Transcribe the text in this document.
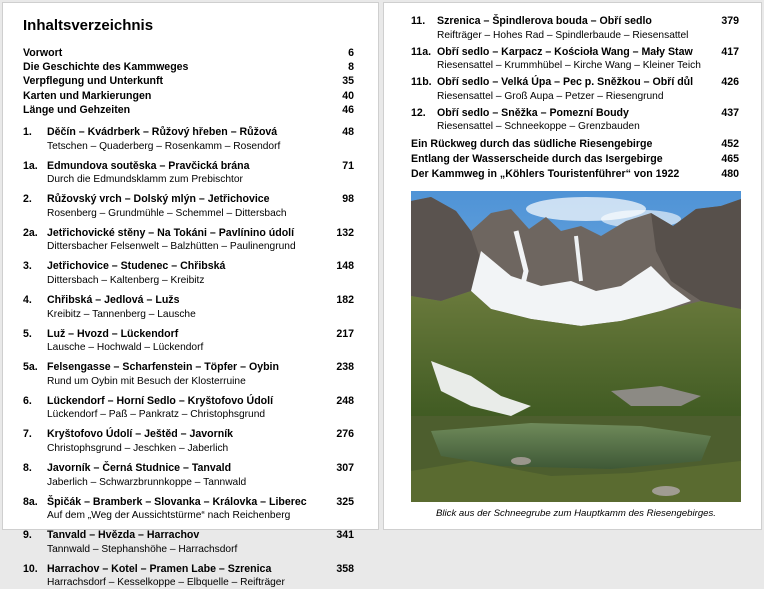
Inhaltsverzeichnis
Vorwort	6
Die Geschichte des Kammweges	8
Verpflegung und Unterkunft	35
Karten und Markierungen	40
Länge und Gehzeiten	46
1.	Děčín – Kvádrberk – Růžový hřeben – Růžová	48
Tetschen – Quaderberg – Rosenkamm – Rosendorf
1a. Edmundova soutěska – Pravčická brána	71
Durch die Edmundsklamm zum Prebischtor
2.	Růžovský vrch – Dolský mlýn – Jetřichovice	98
Rosenberg – Grundmühle – Schemmel – Dittersbach
2a. Jetřichovické stěny – Na Tokáni – Pavlínino údolí	132
Dittersbacher Felsenwelt – Balzhütten – Paulinengrund
3.	Jetřichovice – Studenec – Chřibská	148
Dittersbach – Kaltenberg – Kreibitz
4.	Chřibská – Jedlová – Lužs	182
Kreibitz – Tannenberg – Lausche
5.	Luž – Hvozd – Lückendorf	217
Lausche – Hochwald – Lückendorf
5a. Felsengasse – Scharfenstein – Töpfer – Oybin	238
Rund um Oybin mit Besuch der Klosterruine
6.	Lückendorf – Horní Sedlo – Kryštofovo Údolí	248
Lückendorf – Paß – Pankratz – Christophsgrund
7.	Kryštofovo Údolí – Ještěd – Javorník	276
Christophsgrund – Jeschken – Jaberlich
8.	Javorník – Černá Studnice – Tanvald	307
Jaberlich – Schwarzbrunnkoppe – Tannwald
8a. Špičák – Bramberk – Slovanka – Královka – Liberec	325
Auf dem „Weg der Aussichtstürme“ nach Reichenberg
9.	Tanvald – Hvězda – Harrachov	341
Tannwald – Stephanshöhe – Harrachsdorf
10. Harrachov – Kotel – Pramen Labe – Szrenica	358
Harrachsdorf – Kesselkoppe – Elbquelle – Reifträger
11.	Szrenica – Špindlerova bouda – Obří sedlo	379
Reifträger – Hohes Rad – Spindlerbaude – Riesensattel
11a. Obří sedlo – Karpacz – Kościoła Wang – Mały Staw	417
Riesensattel – Krummhübel – Kirche Wang – Kleiner Teich
11b. Obří sedlo – Velká Úpa – Pec p. Sněžkou – Obří důl	426
Riesensattel – Groß Aupa – Petzer – Riesengrund
12.	Obří sedlo – Sněžka – Pomezní Boudy	437
Riesensattel – Schneekoppe – Grenzbauden
Ein Rückweg durch das südliche Riesengebirge	452
Entlang der Wasserscheide durch das Isergebirge	465
Der Kammweg in „Köhlers Touristenführer“ von 1922	480
Blick aus der Schneegrube zum Hauptkamm des Riesengebirges.
